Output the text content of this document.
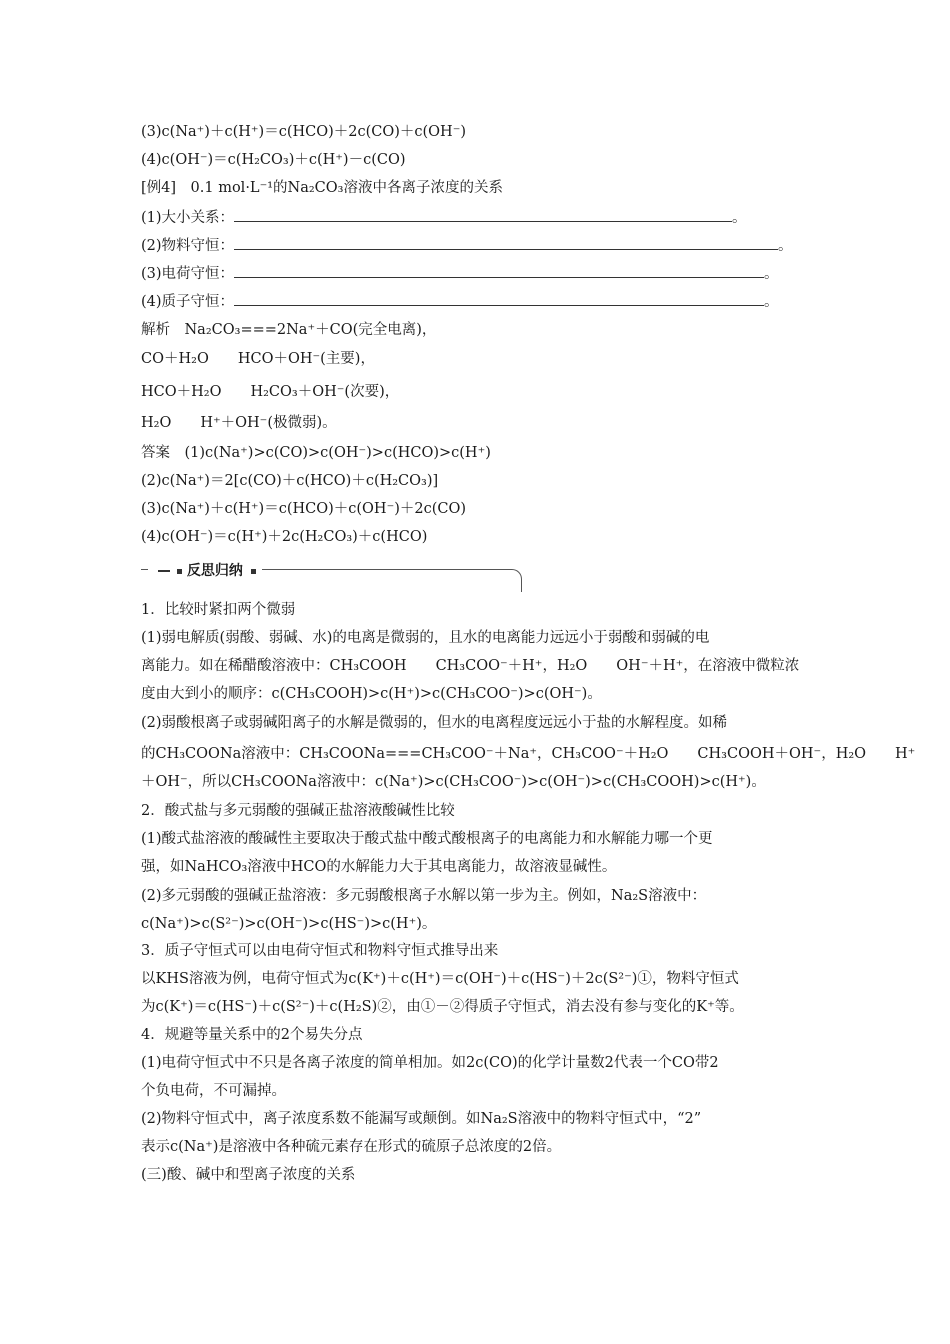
(3)c(Na⁺)＋c(H⁺)＝c(HCO)＋2c(CO)＋c(OH⁻)
(4)c(OH⁻)＝c(H₂CO₃)＋c(H⁺)－c(CO)
[例4]　0.1 mol·L⁻¹的Na₂CO₃溶液中各离子浓度的关系
(1)大小关系：	。
(2)物料守恒：	。
(3)电荷守恒：	。
(4)质子守恒：	。
解析　Na₂CO₃===2Na⁺＋CO(完全电离)，
CO＋H₂O　　HCO＋OH⁻(主要)，
HCO＋H₂O　　H₂CO₃＋OH⁻(次要)，
H₂O　　H⁺＋OH⁻(极微弱)。
答案　(1)c(Na⁺)>c(CO)>c(OH⁻)>c(HCO)>c(H⁺)
(2)c(Na⁺)＝2[c(CO)＋c(HCO)＋c(H₂CO₃)]
(3)c(Na⁺)＋c(H⁺)＝c(HCO)＋c(OH⁻)＋2c(CO)
(4)c(OH⁻)＝c(H⁺)＋2c(H₂CO₃)＋c(HCO)
反思归纳
1．比较时紧扣两个微弱
(1)弱电解质(弱酸、弱碱、水)的电离是微弱的，且水的电离能力远远小于弱酸和弱碱的电
离能力。如在稀醋酸溶液中：CH₃COOH　　CH₃COO⁻＋H⁺，H₂O　　OH⁻＋H⁺，在溶液中微粒浓
度由大到小的顺序：c(CH₃COOH)>c(H⁺)>c(CH₃COO⁻)>c(OH⁻)。
(2)弱酸根离子或弱碱阳离子的水解是微弱的，但水的电离程度远远小于盐的水解程度。如稀
的CH₃COONa溶液中：CH₃COONa===CH₃COO⁻＋Na⁺，CH₃COO⁻＋H₂O　　CH₃COOH＋OH⁻，H₂O　　H⁺
＋OH⁻，所以CH₃COONa溶液中：c(Na⁺)>c(CH₃COO⁻)>c(OH⁻)>c(CH₃COOH)>c(H⁺)。
2．酸式盐与多元弱酸的强碱正盐溶液酸碱性比较
(1)酸式盐溶液的酸碱性主要取决于酸式盐中酸式酸根离子的电离能力和水解能力哪一个更
强，如NaHCO₃溶液中HCO的水解能力大于其电离能力，故溶液显碱性。
(2)多元弱酸的强碱正盐溶液：多元弱酸根离子水解以第一步为主。例如，Na₂S溶液中：
c(Na⁺)>c(S²⁻)>c(OH⁻)>c(HS⁻)>c(H⁺)。
3．质子守恒式可以由电荷守恒式和物料守恒式推导出来
以KHS溶液为例，电荷守恒式为c(K⁺)＋c(H⁺)＝c(OH⁻)＋c(HS⁻)＋2c(S²⁻)①，物料守恒式
为c(K⁺)＝c(HS⁻)＋c(S²⁻)＋c(H₂S)②，由①－②得质子守恒式，消去没有参与变化的K⁺等。
4．规避等量关系中的2个易失分点
(1)电荷守恒式中不只是各离子浓度的简单相加。如2c(CO)的化学计量数2代表一个CO带2
个负电荷，不可漏掉。
(2)物料守恒式中，离子浓度系数不能漏写或颠倒。如Na₂S溶液中的物料守恒式中，“2”
表示c(Na⁺)是溶液中各种硫元素存在形式的硫原子总浓度的2倍。
(三)酸、碱中和型离子浓度的关系
